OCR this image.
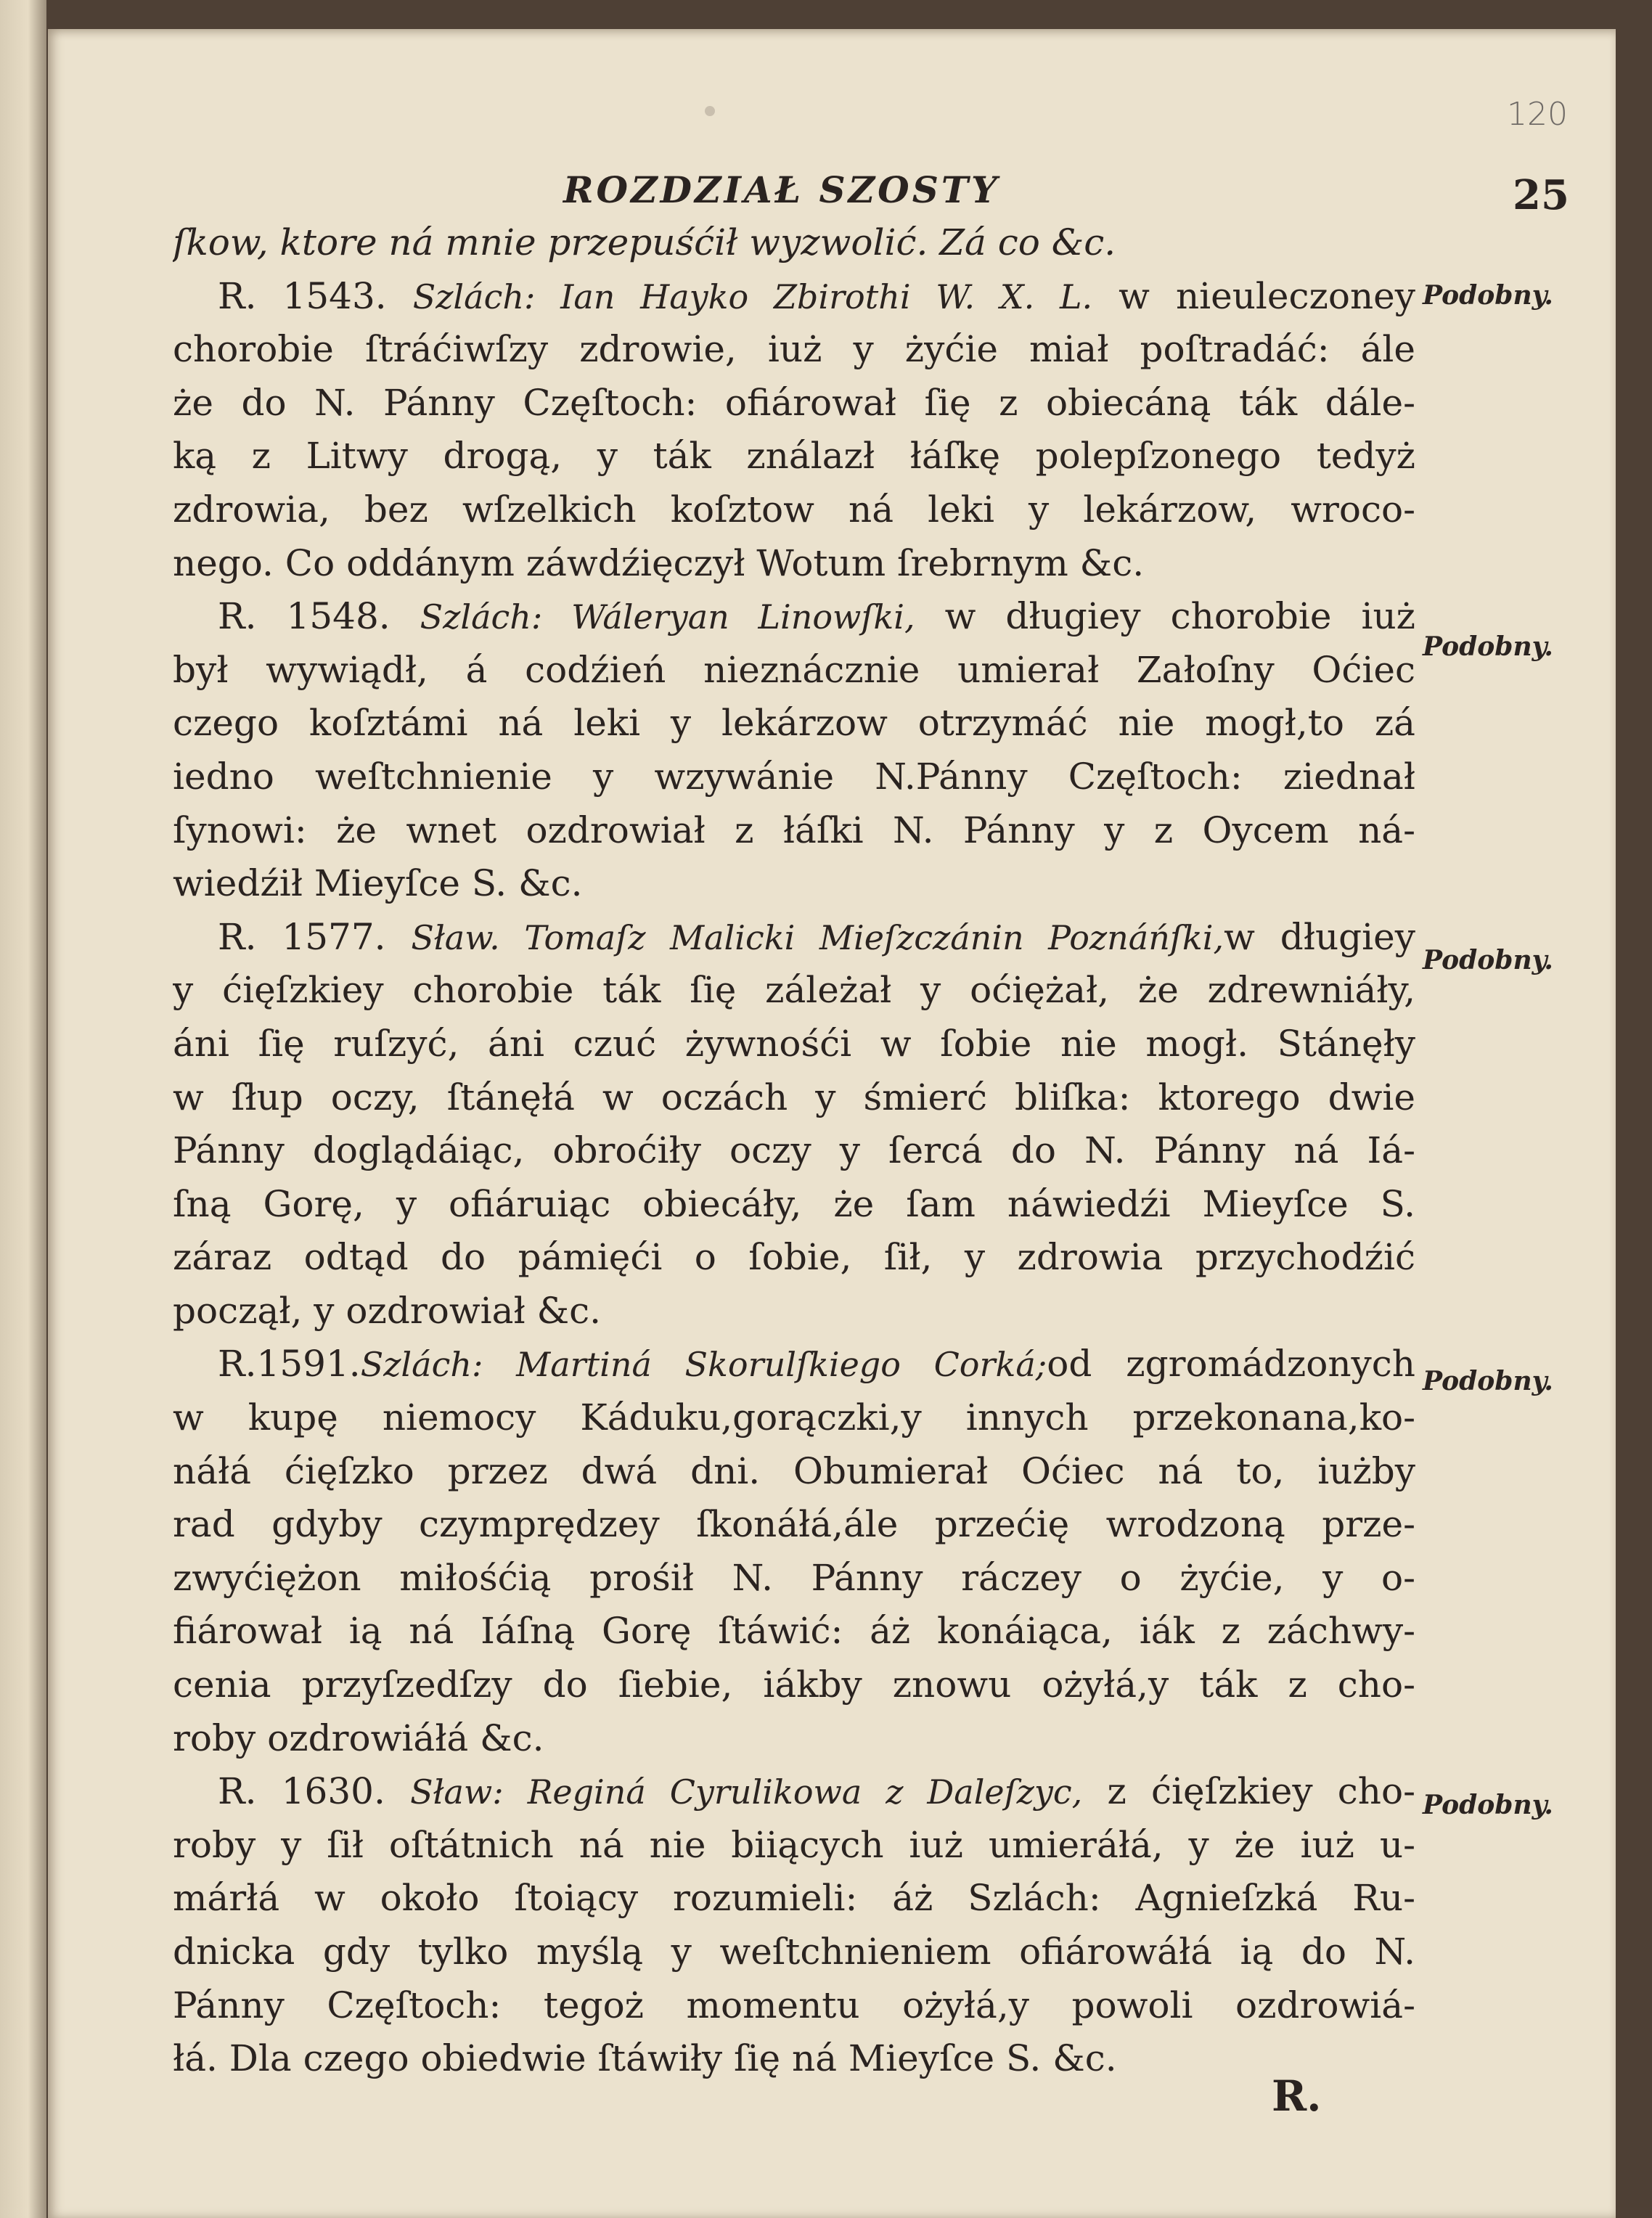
120
ROZDZIAŁ SZOSTY	25
ſkow, ktore ná mnie przepuśćił wyzwolić. Zá co &c.
R. 1543. Szlách: Ian Hayko Zbirothi W. X. L. w nieuleczoney
chorobie ſtráćiwſzy zdrowie, iuż y żyćie miał poſtradáć: ále
że do N. Pánny Częſtoch: ofiárował ſię z obiecáną ták dále-
ką z Litwy drogą, y ták ználazł łáſkę polepſzonego tedyż
zdrowia, bez wſzelkich koſztow ná leki y lekárzow, wroco-
nego. Co oddánym záwdźięczył Wotum ſrebrnym &c.
R. 1548. Szlách: Wáleryan Linowſki, w długiey chorobie iuż
był wywiądł, á codźień nieznácznie umierał Załoſny Oćiec
czego koſztámi ná leki y lekárzow otrzymáć nie mogł,to zá
iedno weſtchnienie y wzywánie N.Pánny Częſtoch: ziednał
ſynowi: że wnet ozdrowiał z łáſki N. Pánny y z Oycem ná-
wiedźił Mieyſce S. &c.
R. 1577. Sław. Tomaſz Malicki Mieſzczánin Poznáńſki,w długiey
y ćięſzkiey chorobie ták ſię záleżał y oćiężał, że zdrewniáły,
áni ſię ruſzyć, áni czuć żywnośći w ſobie nie mogł. Stánęły
w ſłup oczy, ſtánęłá w oczách y śmierć bliſka: ktorego dwie
Pánny doglądáiąc, obroćiły oczy y ſercá do N. Pánny ná Iá-
ſną Gorę, y ofiáruiąc obiecáły, że ſam náwiedźi Mieyſce S.
záraz odtąd do pámięći o ſobie, ſił, y zdrowia przychodźić
począł, y ozdrowiał &c.
R.1591.Szlách: Martiná Skorulſkiego Corká;od zgromádzonych
w kupę niemocy Káduku,gorączki,y innych przekonana,ko-
náłá ćięſzko przez dwá dni. Obumierał Oćiec ná to, iużby
rad gdyby czymprędzey ſkonáłá,ále przećię wrodzoną prze-
zwyćiężon miłośćią prośił N. Pánny ráczey o żyćie, y o-
fiárował ią ná Iáſną Gorę ſtáwić: áż konáiąca, iák z záchwy-
cenia przyſzedſzy do ſiebie, iákby znowu ożyłá,y ták z cho-
roby ozdrowiáłá &c.
R. 1630. Sław: Reginá Cyrulikowa z Daleſzyc, z ćięſzkiey cho-
roby y ſił oſtátnich ná nie biiących iuż umieráłá, y że iuż u-
márłá w około ſtoiący rozumieli: áż Szlách: Agnieſzká Ru-
dnicka gdy tylko myślą y weſtchnieniem ofiárowáłá ią do N.
Pánny Częſtoch: tegoż momentu ożyłá,y powoli ozdrowiá-
łá. Dla czego obiedwie ſtáwiły ſię ná Mieyſce S. &c.
Podobny.
Podobny.
Podobny.
Podobny.
Podobny.
R.
